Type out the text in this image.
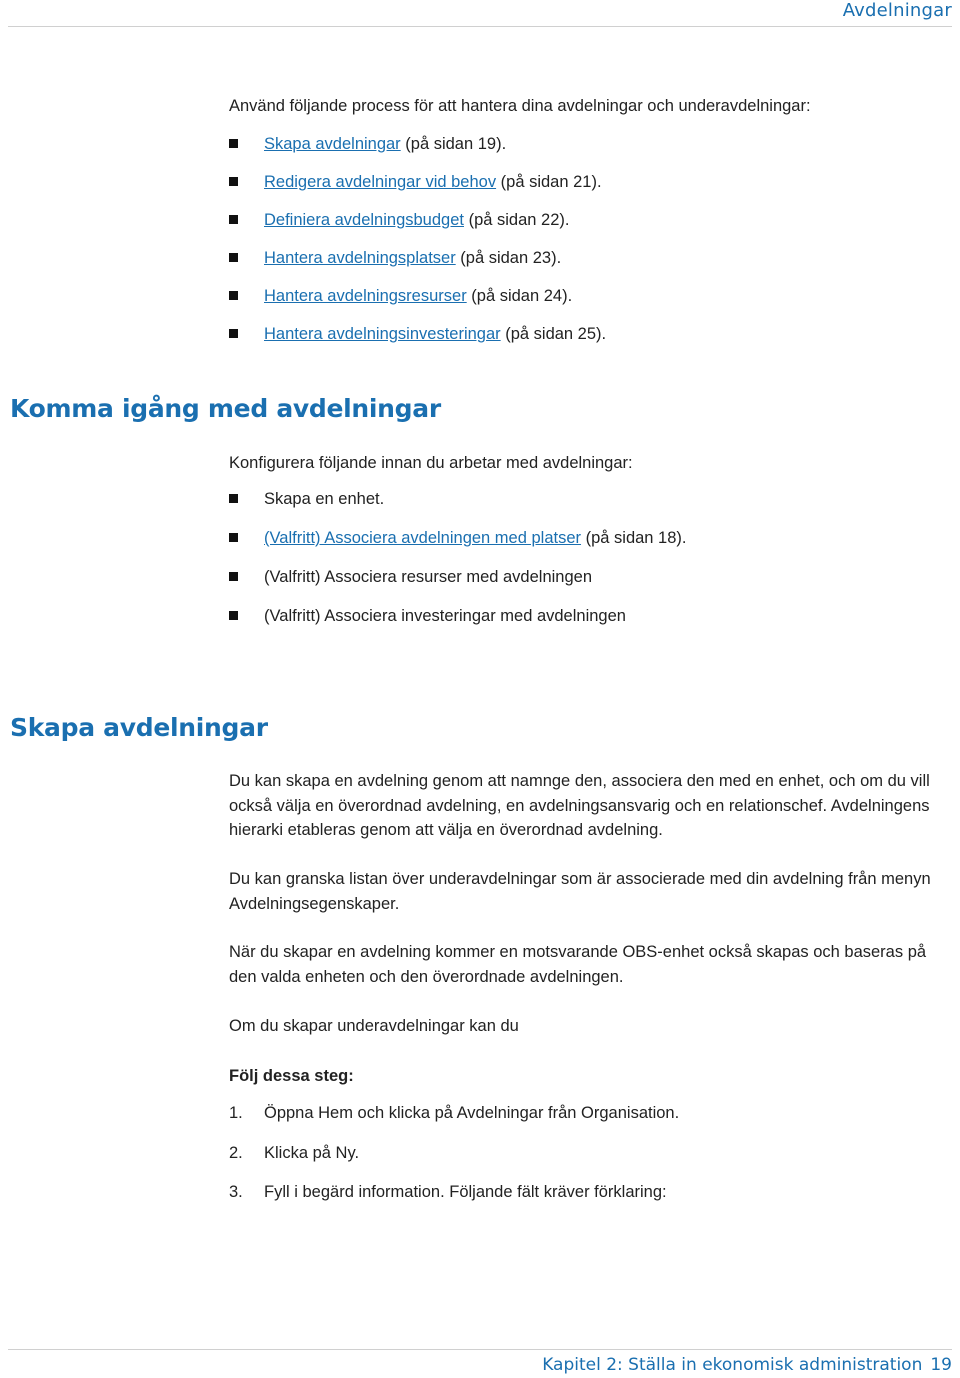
Avdelningar
Använd följande process för att hantera dina avdelningar och underavdelningar:
Skapa avdelningar (på sidan 19).
Redigera avdelningar vid behov (på sidan 21).
Definiera avdelningsbudget (på sidan 22).
Hantera avdelningsplatser (på sidan 23).
Hantera avdelningsresurser (på sidan 24).
Hantera avdelningsinvesteringar (på sidan 25).
Komma igång med avdelningar
Konfigurera följande innan du arbetar med avdelningar:
Skapa en enhet.
(Valfritt) Associera avdelningen med platser (på sidan 18).
(Valfritt) Associera resurser med avdelningen
(Valfritt) Associera investeringar med avdelningen
Skapa avdelningar

Du kan skapa en avdelning genom att namnge den, associera den med en enhet, och om du vill också välja en överordnad avdelning, en avdelningsansvarig och en relationschef. Avdelningens hierarki etableras genom att välja en överordnad avdelning.

Du kan granska listan över underavdelningar som är associerade med din avdelning från menyn Avdelningsegenskaper.

När du skapar en avdelning kommer en motsvarande OBS-enhet också skapas och baseras på den valda enheten och den överordnade avdelningen.

Om du skapar underavdelningar kan du

Följ dessa steg:
1. Öppna Hem och klicka på Avdelningar från Organisation.
2. Klicka på Ny.
3. Fyll i begärd information. Följande fält kräver förklaring:
Kapitel 2: Ställa in ekonomisk administration 19
